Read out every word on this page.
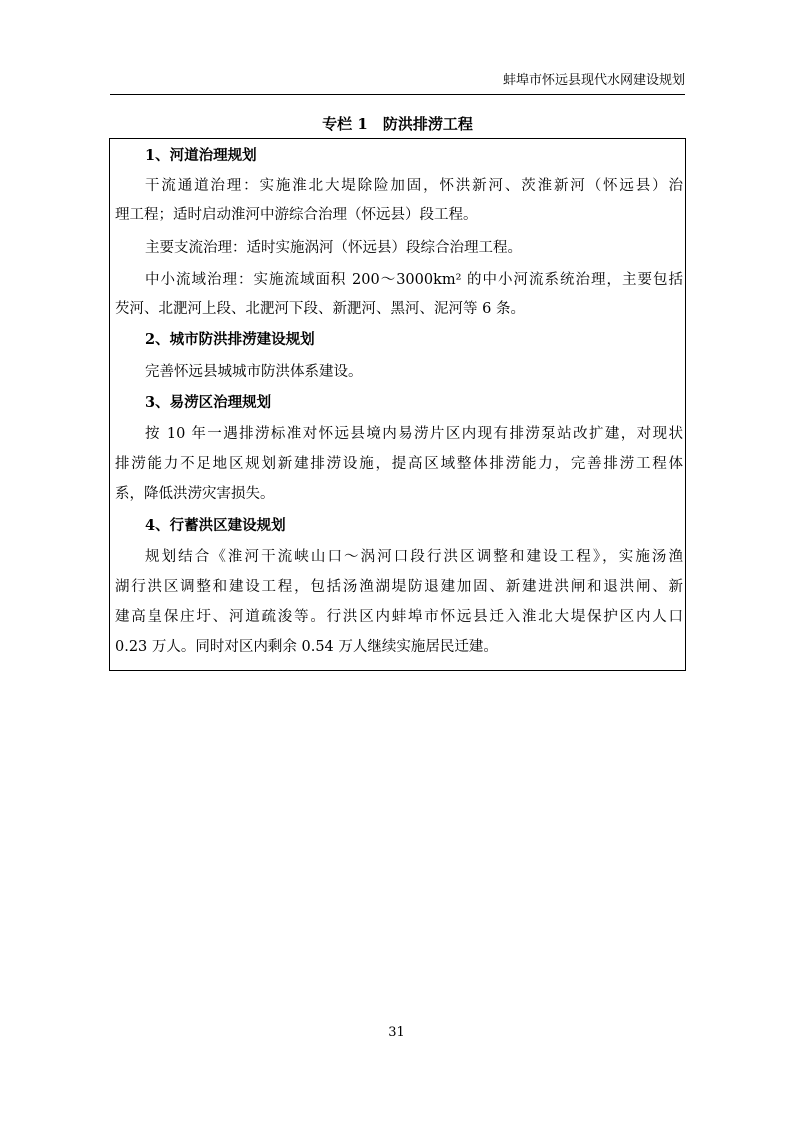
蚌埠市怀远县现代水网建设规划
专栏 1　防洪排涝工程
1、河道治理规划
干流通道治理：实施淮北大堤除险加固，怀洪新河、茨淮新河（怀远县）治
理工程；适时启动淮河中游综合治理（怀远县）段工程。
主要支流治理：适时实施涡河（怀远县）段综合治理工程。
中小流域治理：实施流域面积 200～3000km² 的中小河流系统治理，主要包括
芡河、北淝河上段、北淝河下段、新淝河、黑河、泥河等 6 条。
2、城市防洪排涝建设规划
完善怀远县城城市防洪体系建设。
3、易涝区治理规划
按 10 年一遇排涝标准对怀远县境内易涝片区内现有排涝泵站改扩建，对现状
排涝能力不足地区规划新建排涝设施，提高区域整体排涝能力，完善排涝工程体
系，降低洪涝灾害损失。
4、行蓄洪区建设规划
规划结合《淮河干流峡山口～涡河口段行洪区调整和建设工程》，实施汤渔
湖行洪区调整和建设工程，包括汤渔湖堤防退建加固、新建进洪闸和退洪闸、新
建高皇保庄圩、河道疏浚等。行洪区内蚌埠市怀远县迁入淮北大堤保护区内人口
0.23 万人。同时对区内剩余 0.54 万人继续实施居民迁建。
31
